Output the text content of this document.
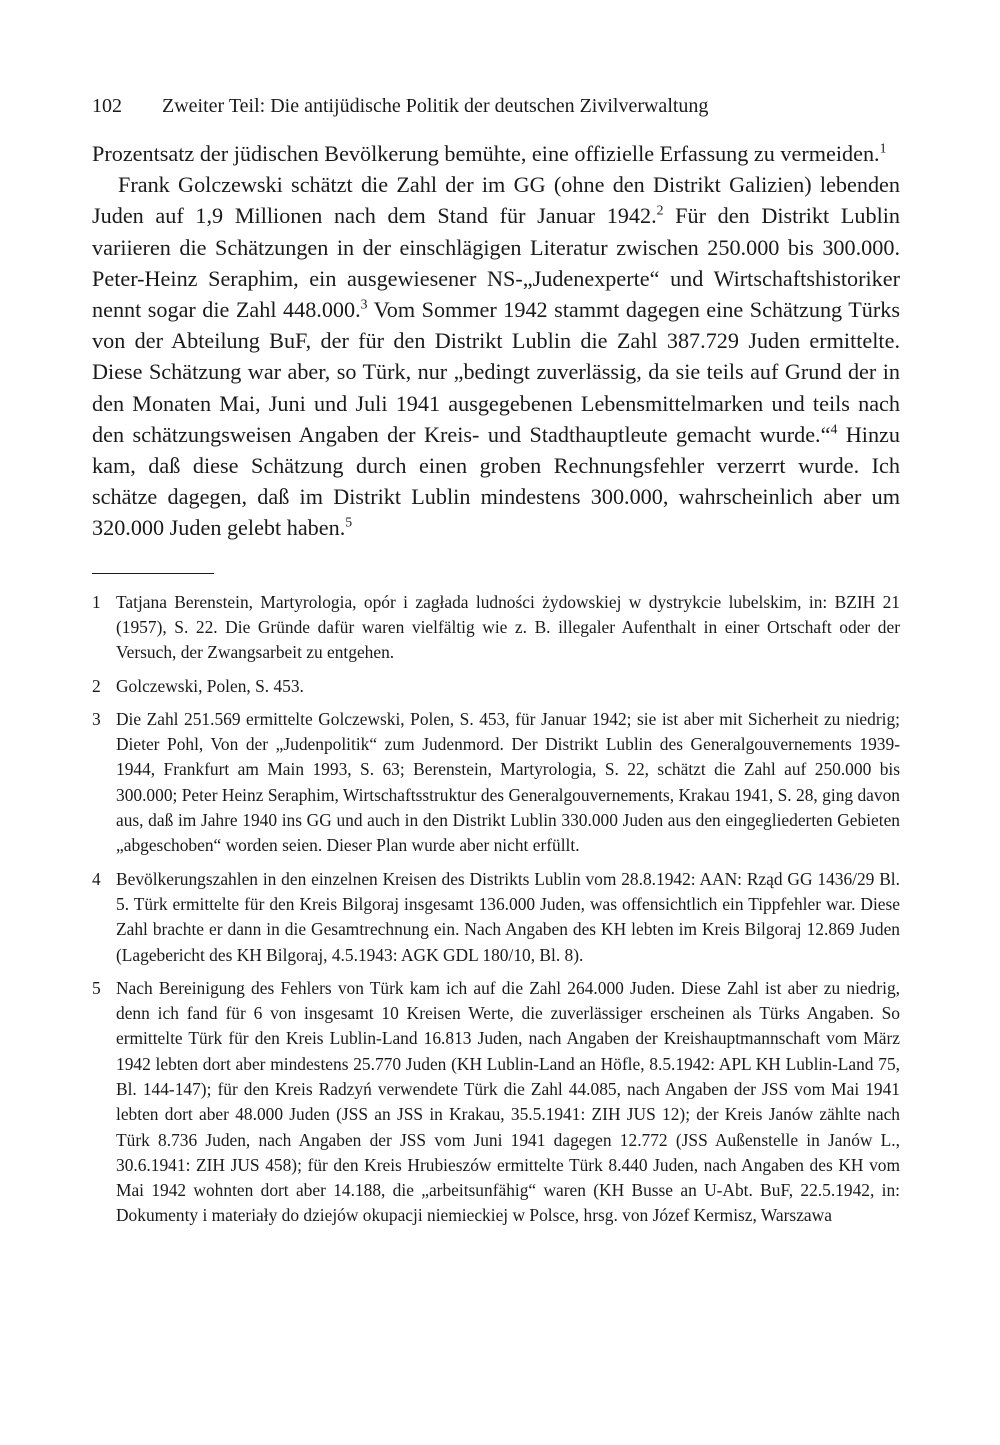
102 Zweiter Teil: Die antijüdische Politik der deutschen Zivilverwaltung

Prozentsatz der jüdischen Bevölkerung bemühte, eine offizielle Erfassung zu vermeiden.$^1$

Frank Golczewski schätzt die Zahl der im GG (ohne den Distrikt Galizien) lebenden Juden auf 1,9 Millionen nach dem Stand für Januar 1942.$^2$ Für den Distrikt Lublin variieren die Schätzungen in der einschlägigen Literatur zwischen 250.000 bis 300.000. Peter-Heinz Seraphim, ein ausgewiesener NS-„Judenexperte“ und Wirtschaftshistoriker nennt sogar die Zahl 448.000.$^3$ Vom Sommer 1942 stammt dagegen eine Schätzung Türks von der Abteilung BuF, der für den Distrikt Lublin die Zahl 387.729 Juden ermittelte. Diese Schätzung war aber, so Türk, nur „bedingt zuverlässig, da sie teils auf Grund der in den Monaten Mai, Juni und Juli 1941 ausgegebenen Lebensmittelmarken und teils nach den schätzungsweisen Angaben der Kreis- und Stadthauptleute gemacht wurde.“$^4$ Hinzu kam, daß diese Schätzung durch einen groben Rechnungsfehler verzerrt wurde. Ich schätze dagegen, daß im Distrikt Lublin mindestens 300.000, wahrscheinlich aber um 320.000 Juden gelebt haben.$^5$

1 Tatjana Berenstein, Martyrologia, opór i zagłada ludności żydowskiej w dystrykcie lubelskim, in: BZIH 21 (1957), S. 22. Die Gründe dafür waren vielfältig wie z. B. illegaler Aufenthalt in einer Ortschaft oder der Versuch, der Zwangsarbeit zu entgehen.
2 Golczewski, Polen, S. 453.
3 Die Zahl 251.569 ermittelte Golczewski, Polen, S. 453, für Januar 1942; sie ist aber mit Sicherheit zu niedrig; Dieter Pohl, Von der „Judenpolitik“ zum Judenmord. Der Distrikt Lublin des Generalgouvernements 1939-1944, Frankfurt am Main 1993, S. 63; Berenstein, Martyrologia, S. 22, schätzt die Zahl auf 250.000 bis 300.000; Peter Heinz Seraphim, Wirtschaftsstruktur des Generalgouvernements, Krakau 1941, S. 28, ging davon aus, daß im Jahre 1940 ins GG und auch in den Distrikt Lublin 330.000 Juden aus den eingegliederten Gebieten „abgeschoben“ worden seien. Dieser Plan wurde aber nicht erfüllt.
4 Bevölkerungszahlen in den einzelnen Kreisen des Distrikts Lublin vom 28.8.1942: AAN: Rząd GG 1436/29 Bl. 5. Türk ermittelte für den Kreis Bilgoraj insgesamt 136.000 Juden, was offensichtlich ein Tippfehler war. Diese Zahl brachte er dann in die Gesamtrechnung ein. Nach Angaben des KH lebten im Kreis Bilgoraj 12.869 Juden (Lagebericht des KH Bilgoraj, 4.5.1943: AGK GDL 180/10, Bl. 8).
5 Nach Bereinigung des Fehlers von Türk kam ich auf die Zahl 264.000 Juden. Diese Zahl ist aber zu niedrig, denn ich fand für 6 von insgesamt 10 Kreisen Werte, die zuverlässiger erscheinen als Türks Angaben. So ermittelte Türk für den Kreis Lublin-Land 16.813 Juden, nach Angaben der Kreishauptmannschaft vom März 1942 lebten dort aber mindestens 25.770 Juden (KH Lublin-Land an Höfle, 8.5.1942: APL KH Lublin-Land 75, Bl. 144-147); für den Kreis Radzyń verwendete Türk die Zahl 44.085, nach Angaben der JSS vom Mai 1941 lebten dort aber 48.000 Juden (JSS an JSS in Krakau, 35.5.1941: ZIH JUS 12); der Kreis Janów zählte nach Türk 8.736 Juden, nach Angaben der JSS vom Juni 1941 dagegen 12.772 (JSS Außenstelle in Janów L., 30.6.1941: ZIH JUS 458); für den Kreis Hrubieszów ermittelte Türk 8.440 Juden, nach Angaben des KH vom Mai 1942 wohnten dort aber 14.188, die „arbeitsunfähig“ waren (KH Busse an U-Abt. BuF, 22.5.1942, in: Dokumenty i materiały do dziejów okupacji niemieckiej w Polsce, hrsg. von Józef Kermisz, Warszawa
